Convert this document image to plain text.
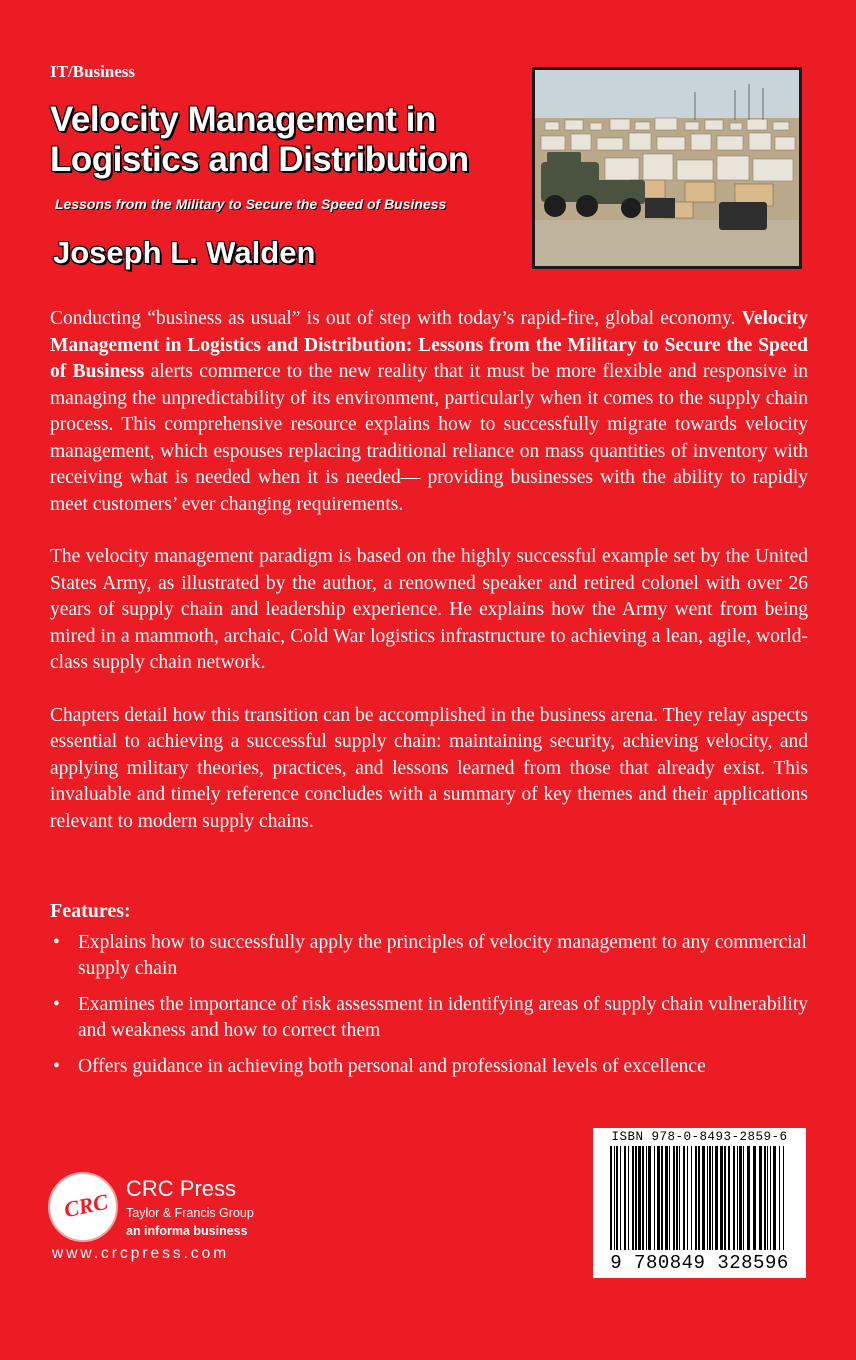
IT/Business
Velocity Management in Logistics and Distribution
Lessons from the Military to Secure the Speed of Business
Joseph L. Walden

Conducting “business as usual” is out of step with today’s rapid-fire, global economy. Velocity Management in Logistics and Distribution: Lessons from the Military to Secure the Speed of Business alerts commerce to the new reality that it must be more flexible and responsive in managing the unpredictability of its environment, particularly when it comes to the supply chain process. This comprehensive resource explains how to successfully migrate towards velocity management, which espouses replacing traditional reliance on mass quantities of inventory with receiving what is needed when it is needed— providing businesses with the ability to rapidly meet customers’ ever changing requirements.

The velocity management paradigm is based on the highly successful example set by the United States Army, as illustrated by the author, a renowned speaker and retired colonel with over 26 years of supply chain and leadership experience. He explains how the Army went from being mired in a mammoth, archaic, Cold War logistics infrastructure to achieving a lean, agile, world-class supply chain network.

Chapters detail how this transition can be accomplished in the business arena. They relay aspects essential to achieving a successful supply chain: maintaining security, achieving velocity, and applying military theories, practices, and lessons learned from those that already exist. This invaluable and timely reference concludes with a summary of key themes and their applications relevant to modern supply chains.

Features:
• Explains how to successfully apply the principles of velocity management to any commercial supply chain
• Examines the importance of risk assessment in identifying areas of supply chain vulnerability and weakness and how to correct them
• Offers guidance in achieving both personal and professional levels of excellence
CRC
CRC Press
Taylor & Francis Group
an informa business
www.crcpress.com
ISBN 978-0-8493-2859-6
9 780849 328596
